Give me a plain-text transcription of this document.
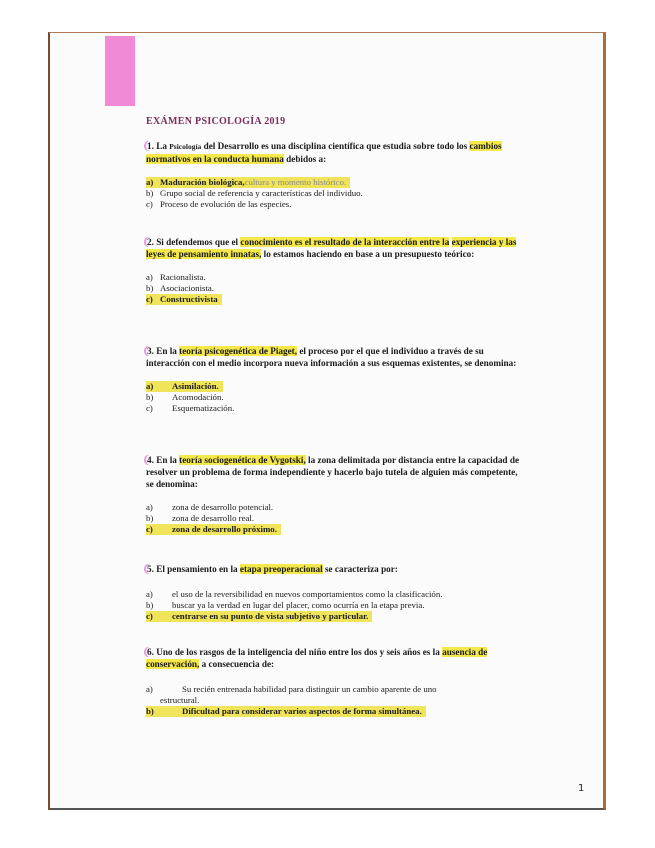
EXÁMEN PSICOLOGÍA 2019

1. La Psicología del Desarrollo es una disciplina científica que estudia sobre todo los cambios normativos en la conducta humana debidos a:

a) Maduración biológica, cultura y momento histórico.
b) Grupo social de referencia y características del individuo.
c) Proceso de evolución de las especies.

2. Si defendemos que el conocimiento es el resultado de la interacción entre la experiencia y las leyes de pensamiento innatas, lo estamos haciendo en base a un presupuesto teórico:

a) Racionalista.
b) Asociacionista.
c) Constructivista

3. En la teoría psicogenética de Piaget, el proceso por el que el individuo a través de su interacción con el medio incorpora nueva información a sus esquemas existentes, se denomina:

a)	Asimilación.
b)	Acomodación.
c)	Esquematización.

4. En la teoría sociogenética de Vygotski, la zona delimitada por distancia entre la capacidad de resolver un problema de forma independiente y hacerlo bajo tutela de alguien más competente, se denomina:

a)	zona de desarrollo potencial.
b)	zona de desarrollo real.
c)	zona de desarrollo próximo.

5. El pensamiento en la etapa preoperacional se caracteriza por:

a)	el uso de la reversibilidad en nuevos comportamientos como la clasificación.
b)	buscar ya la verdad en lugar del placer, como ocurría en la etapa previa.
c)	centrarse en su punto de vista subjetivo y particular.

6. Uno de los rasgos de la inteligencia del niño entre los dos y seis años es la ausencia de conservación, a consecuencia de:

a)	Su recién entrenada habilidad para distinguir un cambio aparente de uno
estructural.
b)	Dificultad para considerar varios aspectos de forma simultánea.
1
